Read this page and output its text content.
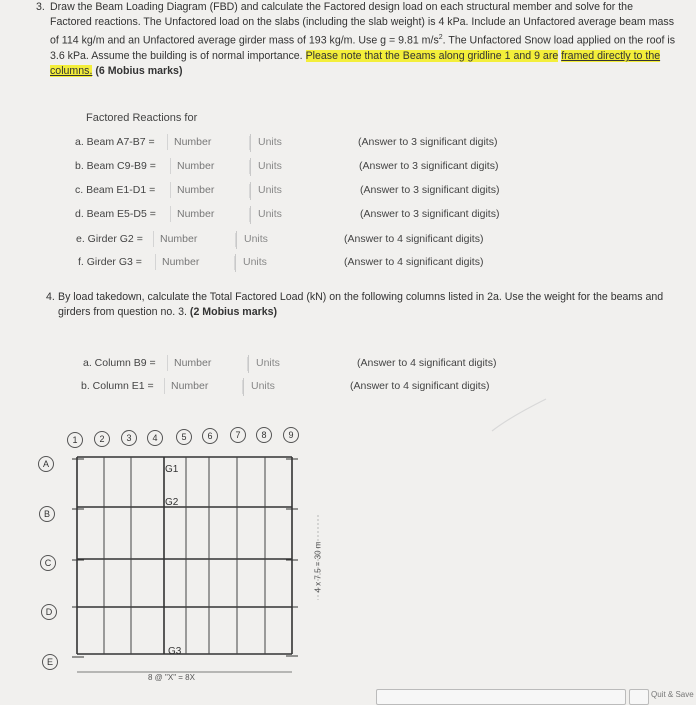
3. Draw the Beam Loading Diagram (FBD) and calculate the Factored design load on each structural member and solve for the Factored reactions. The Unfactored load on the slabs (including the slab weight) is 4 kPa. Include an Unfactored average beam mass of 114 kg/m and an Unfactored average girder mass of 193 kg/m. Use g = 9.81 $m/s^2$. The Unfactored Snow load applied on the roof is 3.6 kPa. Assume the building is of normal importance. Please note that the Beams along gridline 1 and 9 are framed directly to the columns. (6 Mobius marks)
Factored Reactions for
a. Beam A7-B7 =	Number	Units	(Answer to 3 significant digits)
b. Beam C9-B9 =	Number	Units	(Answer to 3 significant digits)
c. Beam E1-D1 =	Number	Units	(Answer to 3 significant digits)
d. Beam E5-D5 =	Number	Units	(Answer to 3 significant digits)
e. Girder G2 =	Number	Units	(Answer to 4 significant digits)
f. Girder G3 =	Number	Units	(Answer to 4 significant digits)
4. By load takedown, calculate the Total Factored Load (kN) on the following columns listed in 2a. Use the weight for the beams and girders from question no. 3. (2 Mobius marks)
a. Column B9 =	Number	Units	(Answer to 4 significant digits)
b. Column E1 =	Number	Units	(Answer to 4 significant digits)
1	2	3	4	5	6	7	8	9
A
B
C
D
E
G1
G2
G3
4 x 7.5 = 30 m
8 @ "X" = 8X
Quit & Save
